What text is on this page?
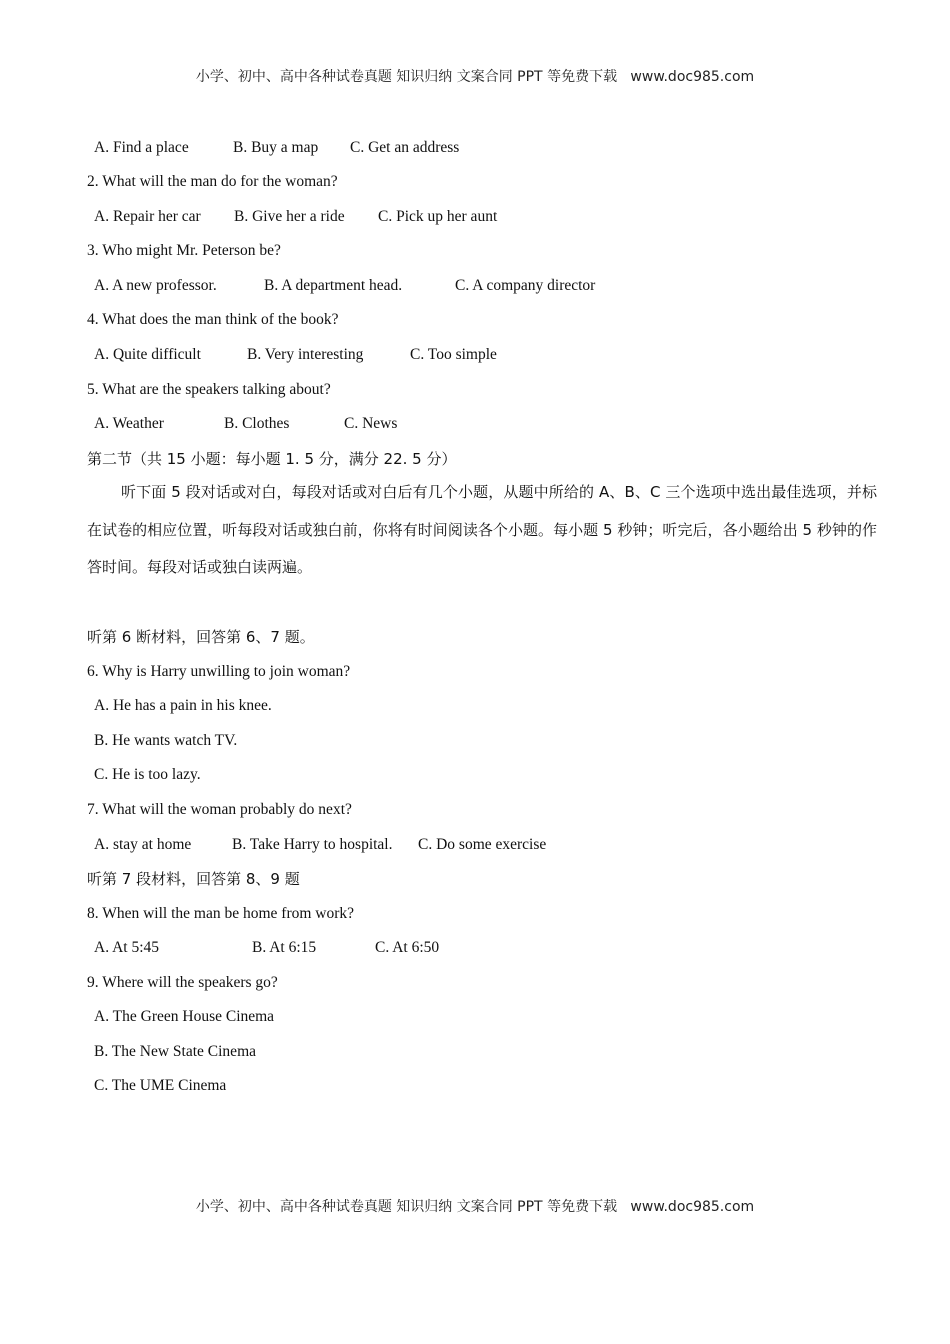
小学、初中、高中各种试卷真题 知识归纳 文案合同 PPT 等免费下载   www.doc985.com
A. Find a place	B. Buy a map C. Get an address
2. What will the man do for the woman?
A. Repair her car B. Give her a ride C. Pick up her aunt
3. Who might Mr. Peterson be?
A. A new professor.	B. A department head.	C. A company director
4. What does the man think of the book?
A. Quite difficult	B. Very interesting	C. Too simple
5. What are the speakers talking about?
A. Weather	B. Clothes	C. News
第二节（共 15 小题：每小题 1. 5 分，满分 22. 5 分）
听下面 5 段对话或对白，每段对话或对白后有几个小题，从题中所给的 A、B、C 三个选项中选出最佳选项，并标在试卷的相应位置，听每段对话或独白前，你将有时间阅读各个小题。每小题 5 秒钟；听完后，各小题给出 5 秒钟的作答时间。每段对话或独白读两遍。
听第 6 断材料，回答第 6、7 题。
6. Why is Harry unwilling to join woman?
A. He has a pain in his knee.
B. He wants watch TV.
C. He is too lazy.
7. What will the woman probably do next?
A. stay at home	B. Take Harry to hospital. C. Do some exercise
听第 7 段材料，回答第 8、9 题
8. When will the man be home from work?
A. At 5:45	B. At 6:15	C. At 6:50
9. Where will the speakers go?
A. The Green House Cinema
B. The New State Cinema
C. The UME Cinema
小学、初中、高中各种试卷真题 知识归纳 文案合同 PPT 等免费下载   www.doc985.com
